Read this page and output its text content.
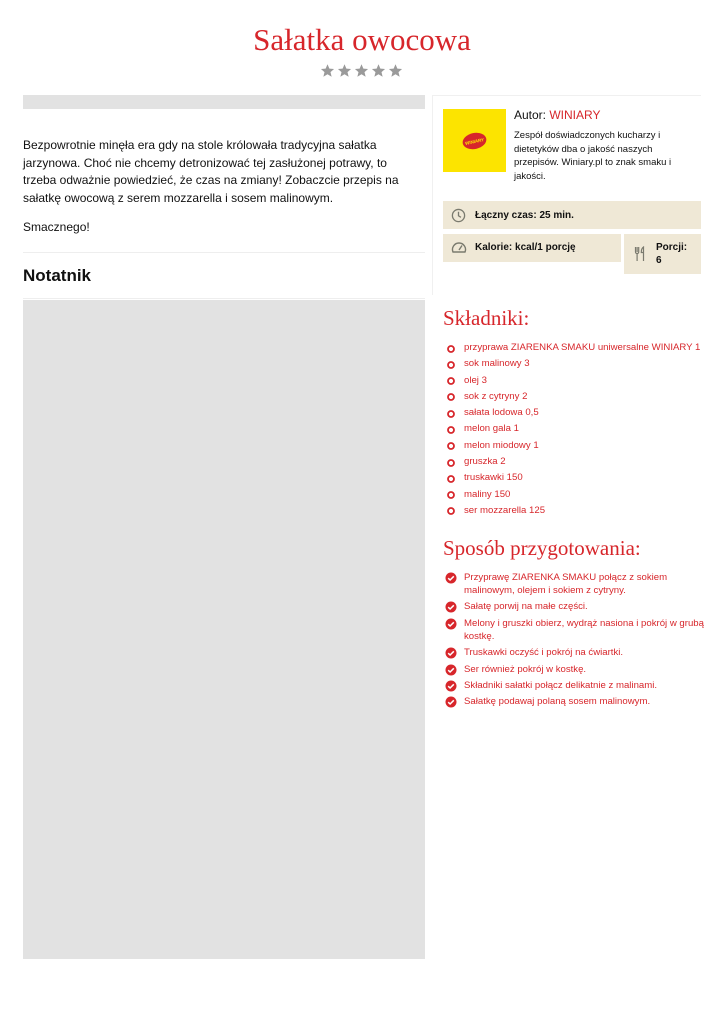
Sałatka owocowa

Bezpowrotnie minęła era gdy na stole królowała tradycyjna sałatka jarzynowa. Choć nie chcemy detronizować tej zasłużonej potrawy, to trzeba odważnie powiedzieć, że czas na zmiany! Zobaczcie przepis na sałatkę owocową z serem mozzarella i sosem malinowym.

Smacznego!
Notatnik
WINIARY
Autor: WINIARY

Zespół doświadczonych kucharzy i dietetyków dba o jakość naszych przepisów. Winiary.pl to znak smaku i jakości.

Łączny czas: 25 min.
Kalorie: kcal/1 porcję	Porcji:
6
Składniki:
przyprawa ZIARENKA SMAKU uniwersalne WINIARY 1
sok malinowy 3
olej 3
sok z cytryny 2
sałata lodowa 0,5
melon gala 1
melon miodowy 1
gruszka 2
truskawki 150
maliny 150
ser mozzarella 125
Sposób przygotowania:
Przyprawę ZIARENKA SMAKU połącz z sokiem malinowym, olejem i sokiem z cytryny.
Sałatę porwij na małe części.
Melony i gruszki obierz, wydrąż nasiona i pokrój w grubą kostkę.
Truskawki oczyść i pokrój na ćwiartki.
Ser również pokrój w kostkę.
Składniki sałatki połącz delikatnie z malinami.
Sałatkę podawaj polaną sosem malinowym.
